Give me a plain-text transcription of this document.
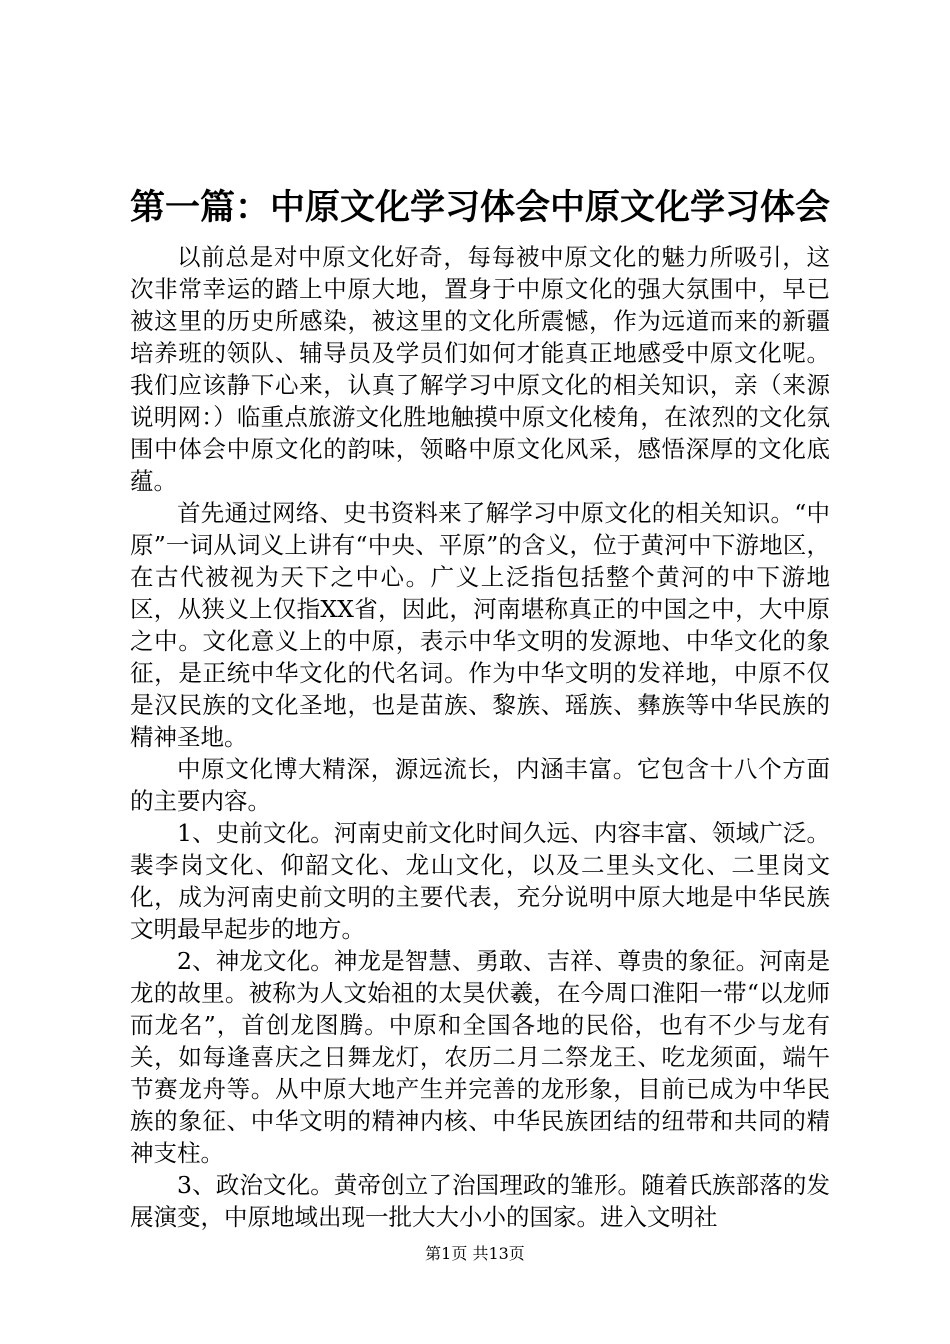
第一篇：中原文化学习体会中原文化学习体会

以前总是对中原文化好奇，每每被中原文化的魅力所吸引，这次非常幸运的踏上中原大地，置身于中原文化的强大氛围中，早已被这里的历史所感染，被这里的文化所震憾，作为远道而来的新疆培养班的领队、辅导员及学员们如何才能真正地感受中原文化呢。我们应该静下心来，认真了解学习中原文化的相关知识，亲（来源说明网：）临重点旅游文化胜地触摸中原文化棱角，在浓烈的文化氛围中体会中原文化的韵味，领略中原文化风采，感悟深厚的文化底蕴。

首先通过网络、史书资料来了解学习中原文化的相关知识。“中原”一词从词义上讲有“中央、平原”的含义，位于黄河中下游地区，在古代被视为天下之中心。广义上泛指包括整个黄河的中下游地区，从狭义上仅指XX省，因此，河南堪称真正的中国之中，大中原之中。文化意义上的中原，表示中华文明的发源地、中华文化的象征，是正统中华文化的代名词。作为中华文明的发祥地，中原不仅是汉民族的文化圣地，也是苗族、黎族、瑶族、彝族等中华民族的精神圣地。

中原文化博大精深，源远流长，内涵丰富。它包含十八个方面的主要内容。

1、史前文化。河南史前文化时间久远、内容丰富、领域广泛。裴李岗文化、仰韶文化、龙山文化，以及二里头文化、二里岗文化，成为河南史前文明的主要代表，充分说明中原大地是中华民族文明最早起步的地方。

2、神龙文化。神龙是智慧、勇敢、吉祥、尊贵的象征。河南是龙的故里。被称为人文始祖的太昊伏羲，在今周口淮阳一带“以龙师而龙名”，首创龙图腾。中原和全国各地的民俗，也有不少与龙有关，如每逢喜庆之日舞龙灯，农历二月二祭龙王、吃龙须面，端午节赛龙舟等。从中原大地产生并完善的龙形象，目前已成为中华民族的象征、中华文明的精神内核、中华民族团结的纽带和共同的精神支柱。

3、政治文化。黄帝创立了治国理政的雏形。随着氏族部落的发展演变，中原地域出现一批大大小小的国家。进入文明社

第1页 共13页
